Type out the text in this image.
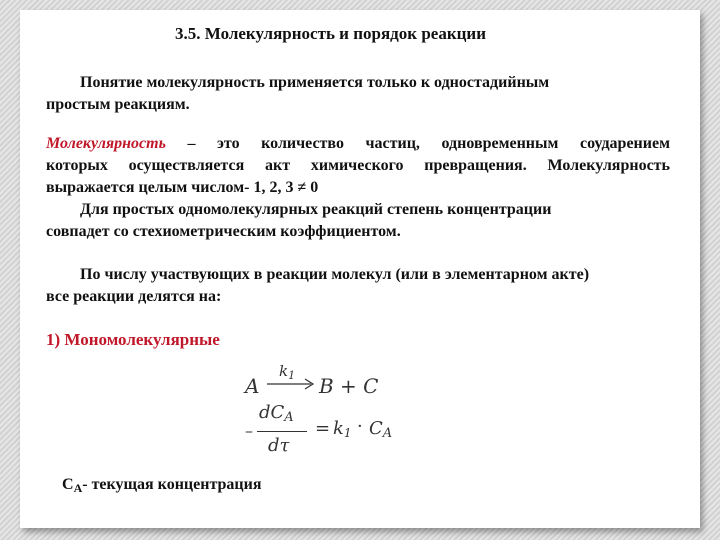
3.5. Молекулярность и порядок реакции
Понятие молекулярность применяется только к одностадийным
простым реакциям.
Молекулярность – это количество частиц, одновременным соударением
которых осуществляется акт химического превращения. Молекулярность
выражается целым числом- 1, 2, 3 ≠ 0
Для простых одномолекулярных реакций степень концентрации
совпадет со стехиометрическим коэффициентом.
По числу участвующих в реакции молекул (или в элементарном акте)
все реакции делятся на:
1) Мономолекулярные
A
$k_1 \to B + C$
–
$dC_A$
dτ
= $k_1 \cdot C_A$
$C_A-$ текущая концентрация
